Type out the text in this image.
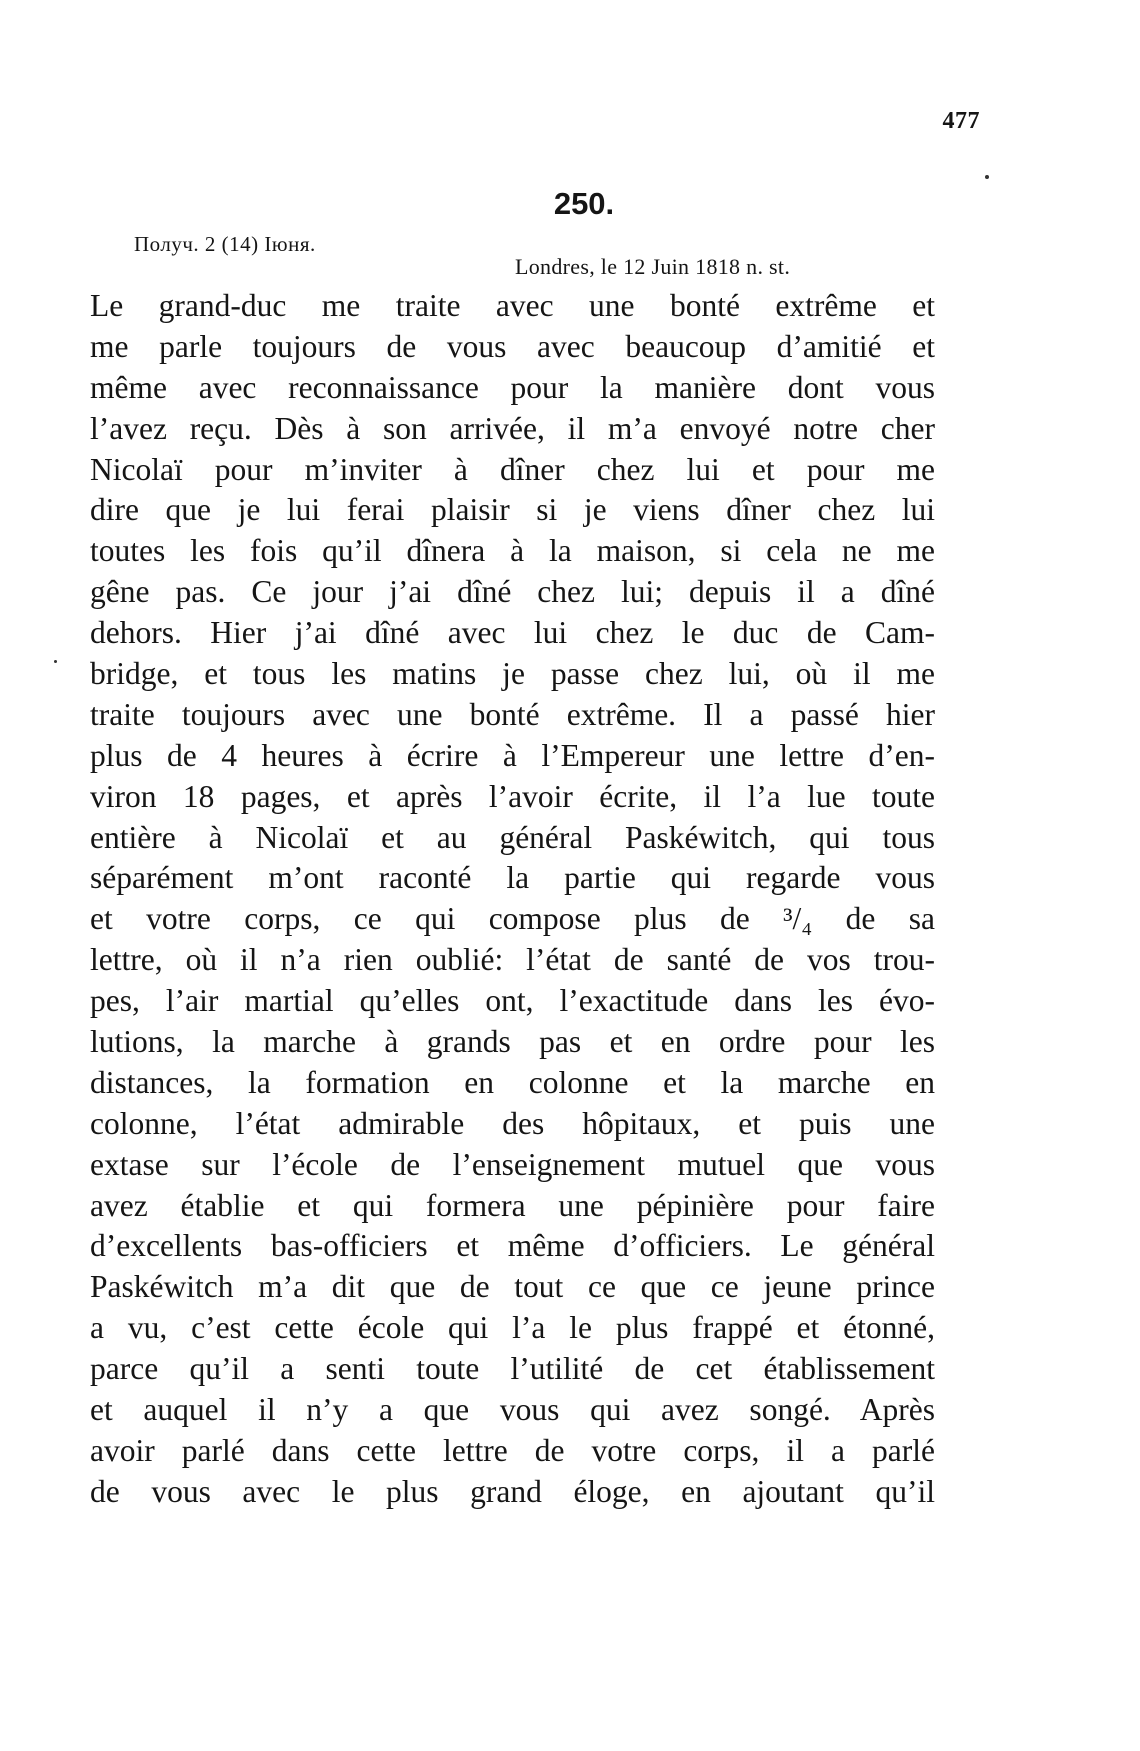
477
250.
Получ. 2 (14) Іюня.
Londres, le 12 Juin 1818 n. st.
Le grand-duc me traite avec une bonté extrême et
me parle toujours de vous avec beaucoup d’amitié et
même avec reconnaissance pour la manière dont vous
l’avez reçu. Dès à son arrivée, il m’a envoyé notre cher
Nicolaï pour m’inviter à dîner chez lui et pour me
dire que je lui ferai plaisir si je viens dîner chez lui
toutes les fois qu’il dînera à la maison, si cela ne me
gêne pas. Ce jour j’ai dîné chez lui; depuis il a dîné
dehors. Hier j’ai dîné avec lui chez le duc de Cam-
bridge, et tous les matins je passe chez lui, où il me
traite toujours avec une bonté extrême. Il a passé hier
plus de 4 heures à écrire à l’Empereur une lettre d’en-
viron 18 pages, et après l’avoir écrite, il l’a lue toute
entière à Nicolaï et au général Paskéwitch, qui tous
séparément m’ont raconté la partie qui regarde vous
et votre corps, ce qui compose plus de ³/₄ de sa
lettre, où il n’a rien oublié: l’état de santé de vos trou-
pes, l’air martial qu’elles ont, l’exactitude dans les évo-
lutions, la marche à grands pas et en ordre pour les
distances, la formation en colonne et la marche en
colonne, l’état admirable des hôpitaux, et puis une
extase sur l’école de l’enseignement mutuel que vous
avez établie et qui formera une pépinière pour faire
d’excellents bas-officiers et même d’officiers. Le général
Paskéwitch m’a dit que de tout ce que ce jeune prince
a vu, c’est cette école qui l’a le plus frappé et étonné,
parce qu’il a senti toute l’utilité de cet établissement
et auquel il n’y a que vous qui avez songé. Après
avoir parlé dans cette lettre de votre corps, il a parlé
de vous avec le plus grand éloge, en ajoutant qu’il
